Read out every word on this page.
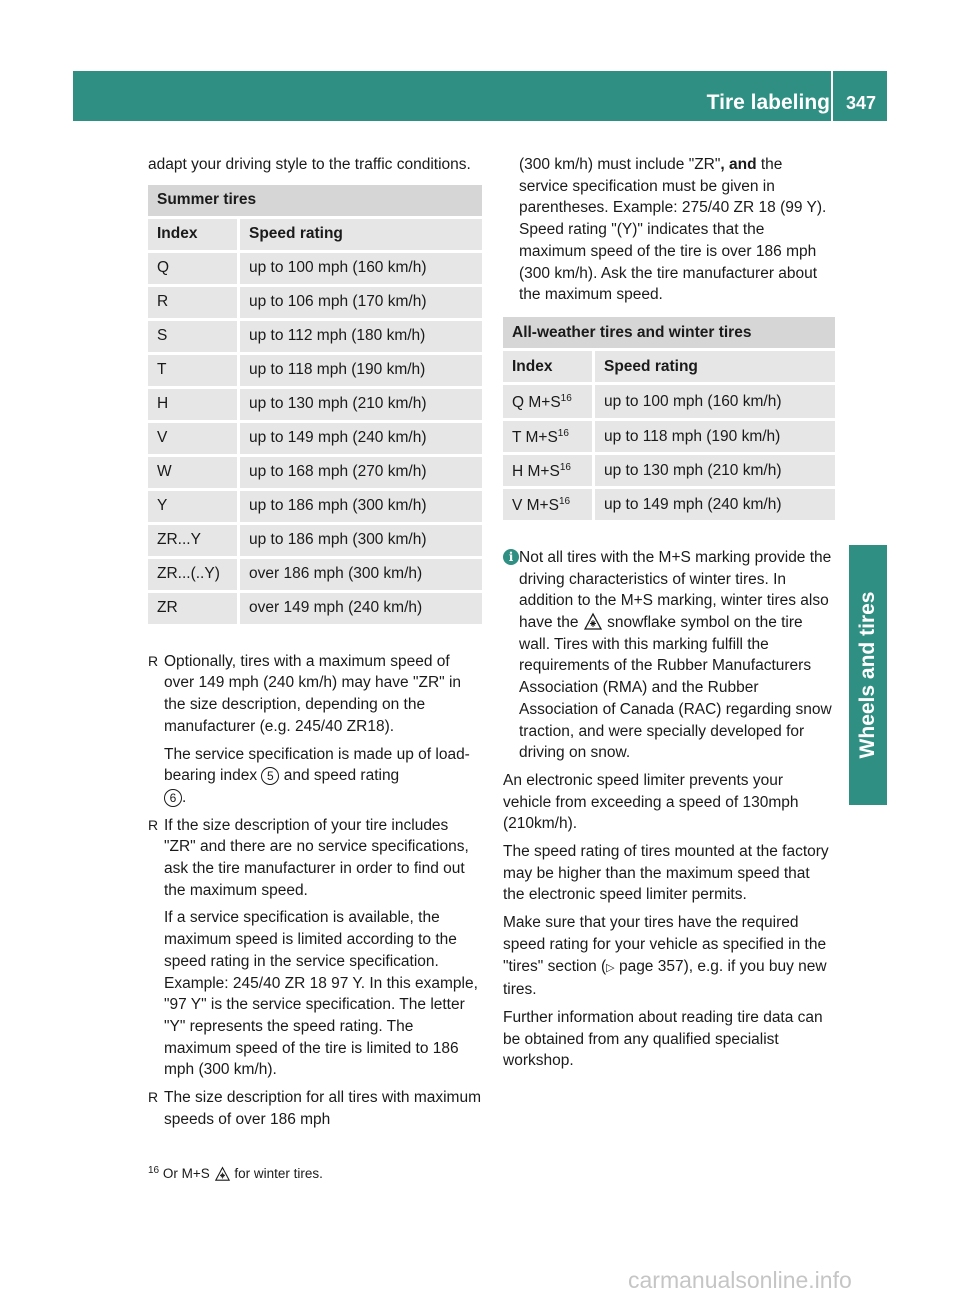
Tire labeling 347
Wheels and tires

adapt your driving style to the traffic conditions.

Summer tires	
Index	Speed rating
Q	up to 100 mph (160 km/h)
R	up to 106 mph (170 km/h)
S	up to 112 mph (180 km/h)
T	up to 118 mph (190 km/h)
H	up to 130 mph (210 km/h)
V	up to 149 mph (240 km/h)
W	up to 168 mph (270 km/h)
Y	up to 186 mph (300 km/h)
ZR...Y	up to 186 mph (300 km/h)
ZR...(..Y)	over 186 mph (300 km/h)
ZR	over 149 mph (240 km/h)
R Optionally, tires with a maximum speed of over 149 mph (240 km/h) may have "ZR" in the size description, depending on the manufacturer (e.g. 245/40 ZR18).
The service specification is made up of load-bearing index 5 and speed rating
6 .
R If the size description of your tire includes "ZR" and there are no service specifications, ask the tire manufacturer in order to find out the maximum speed.
If a service specification is available, the maximum speed is limited according to the speed rating in the service specification. Example: 245/40 ZR 18 97 Y. In this example, "97 Y" is the service specification. The letter "Y" represents the speed rating. The maximum speed of the tire is limited to 186 mph (300 km/h).
R The size description for all tires with maximum speeds of over 186 mph
(300 km/h) must include "ZR", and the service specification must be given in parentheses. Example: 275/40 ZR 18 (99 Y). Speed rating "(Y)" indicates that the maximum speed of the tire is over 186 mph (300 km/h). Ask the tire manufacturer about the maximum speed.
All-weather tires and winter tires	
Index	Speed rating
Q $M+S^{16}$	up to 100 mph (160 km/h)
T $M+S^{16}$	up to 118 mph (190 km/h)
H $M+S^{16}$	up to 130 mph (210 km/h)
V $M+S^{16}$	up to 149 mph (240 km/h)
i Not all tires with the M+S marking provide the driving characteristics of winter tires. In addition to the M+S marking, winter tires also have the snowflake symbol on the tire wall. Tires with this marking fulfill the requirements of the Rubber Manufacturers Association (RMA) and the Rubber Association of Canada (RAC) regarding snow traction, and were specially developed for driving on snow.

An electronic speed limiter prevents your vehicle from exceeding a speed of 130mph (210km/h).

The speed rating of tires mounted at the factory may be higher than the maximum speed that the electronic speed limiter permits.

Make sure that your tires have the required speed rating for your vehicle as specified in the "tires" section (▷ page 357), e.g. if you buy new tires.

Further information about reading tire data can be obtained from any qualified specialist workshop.

$^{16}$ Or M+S for winter tires.
carmanualsonline.info
